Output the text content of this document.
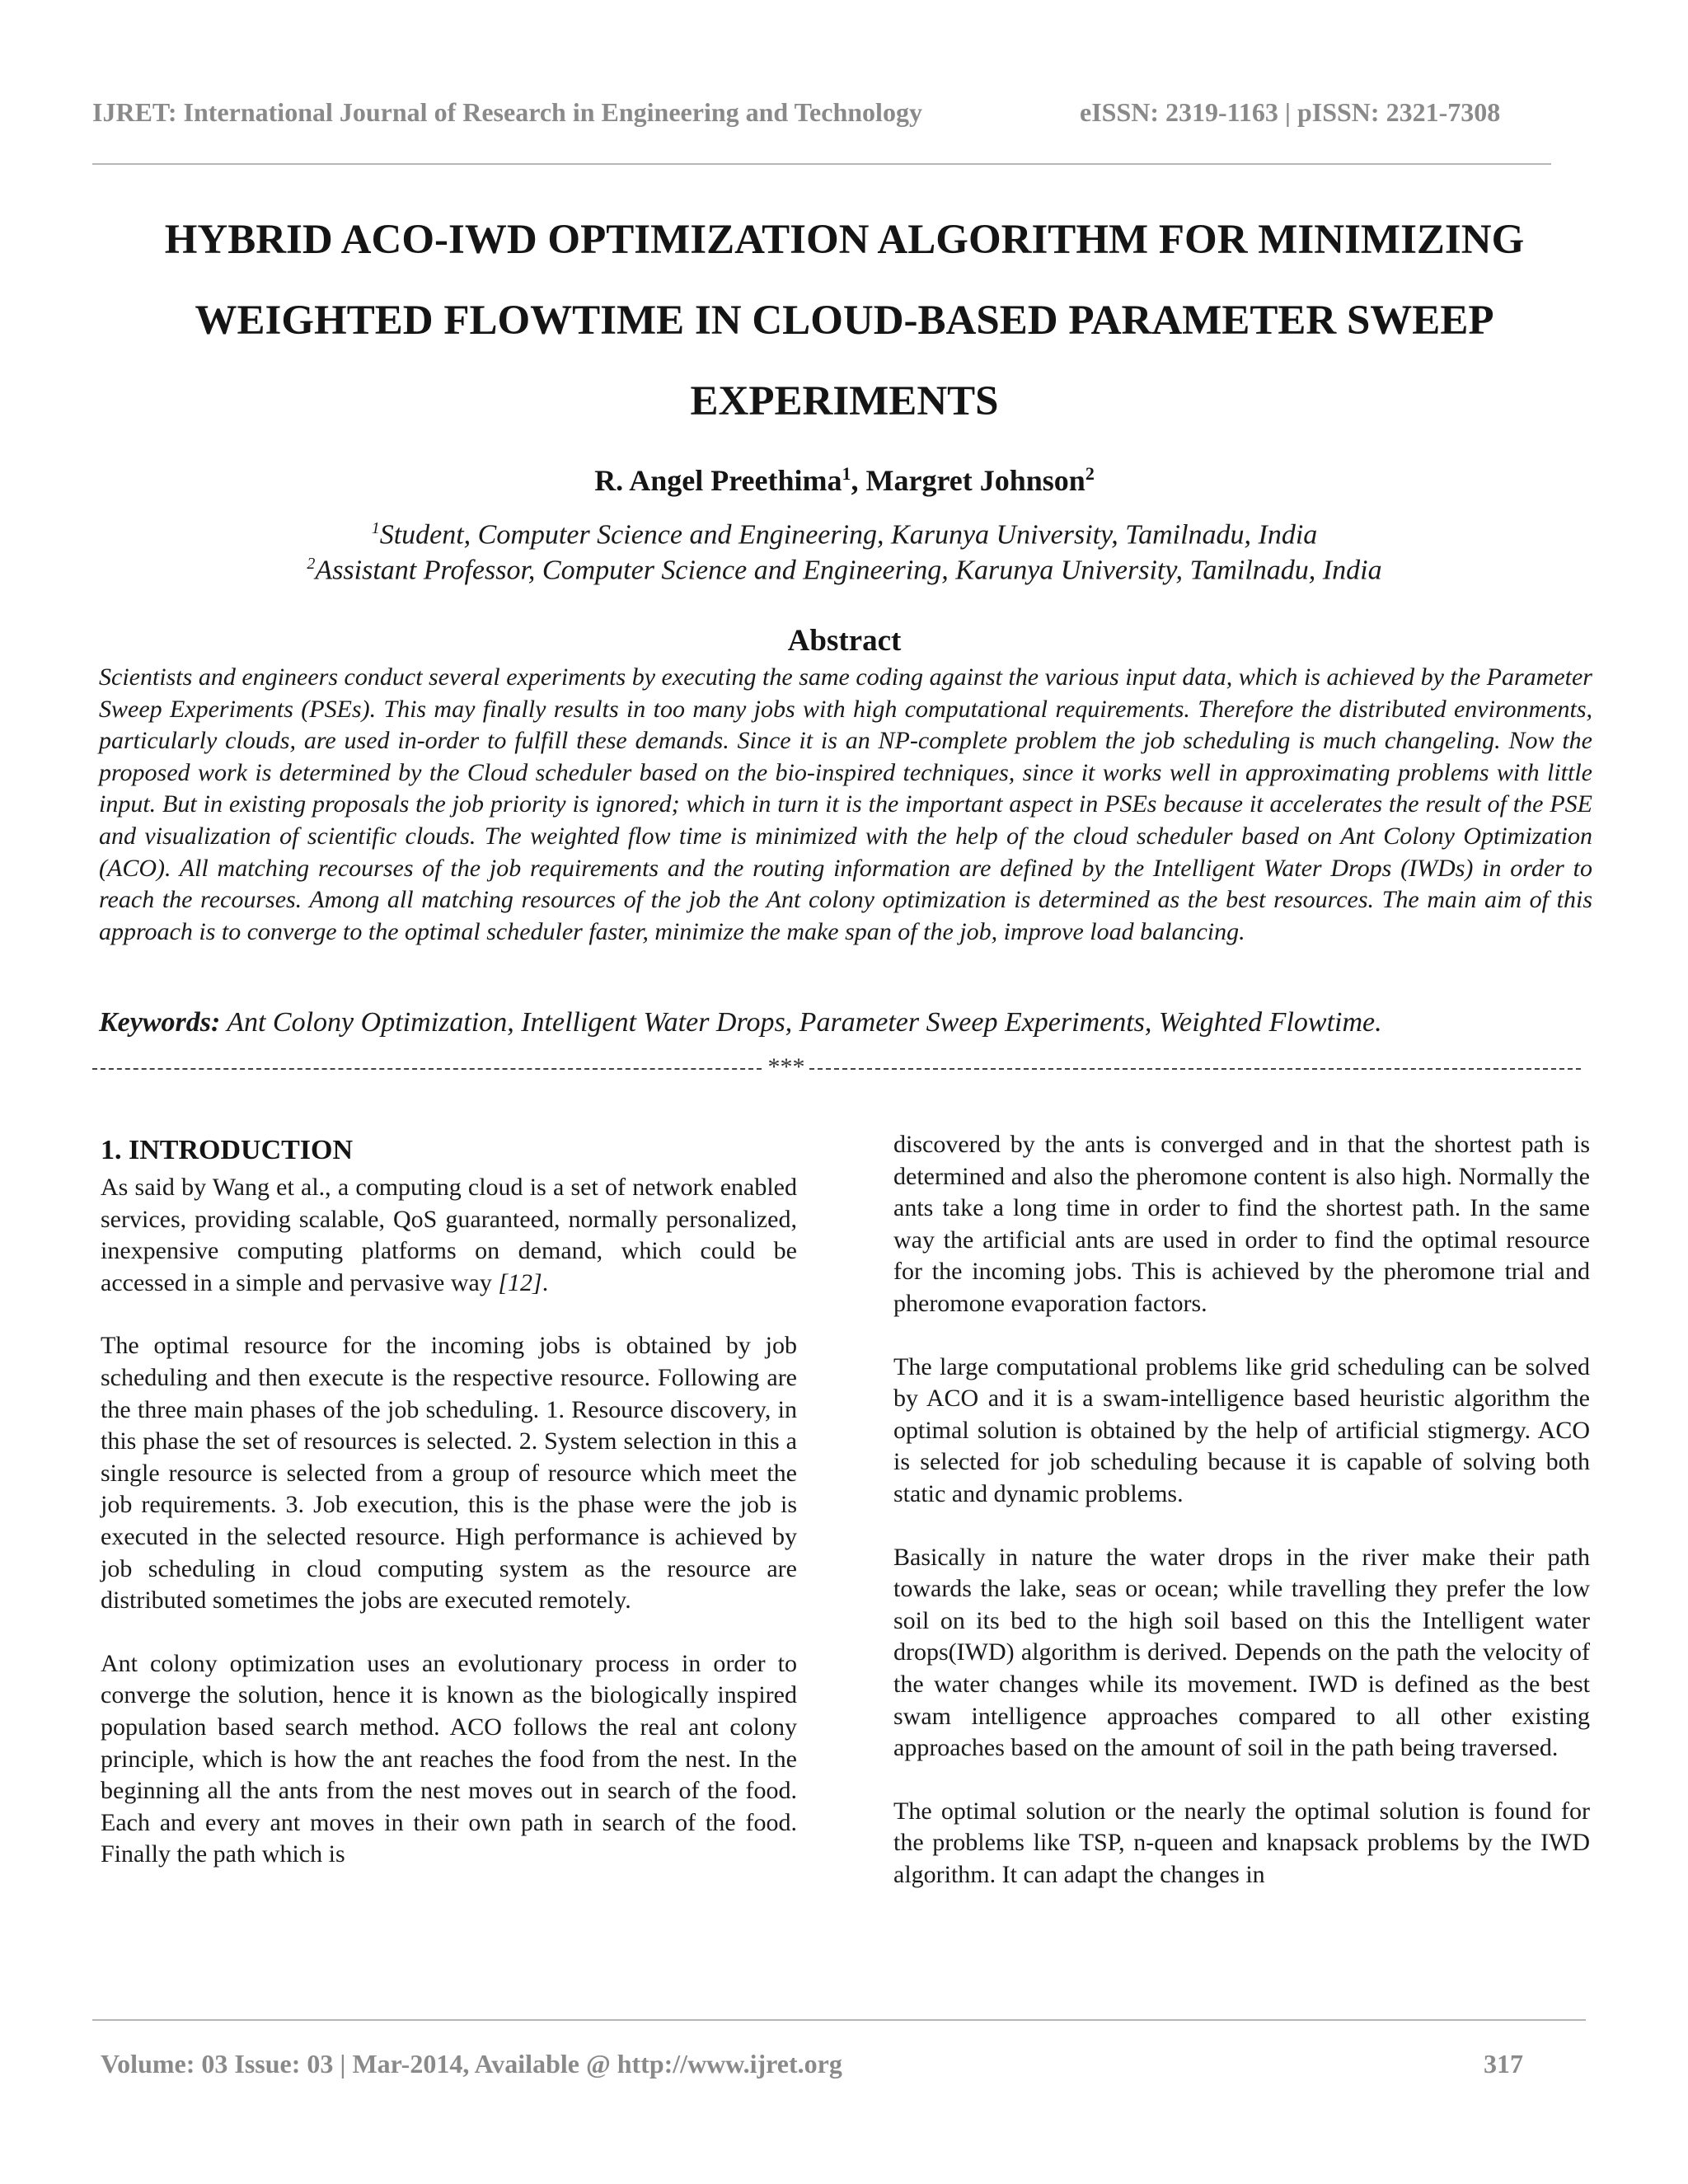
IJRET: International Journal of Research in Engineering and Technology	eISSN: 2319-1163 | pISSN: 2321-7308
HYBRID ACO-IWD OPTIMIZATION ALGORITHM FOR MINIMIZING WEIGHTED FLOWTIME IN CLOUD-BASED PARAMETER SWEEP EXPERIMENTS
R. Angel Preethima$^1$, Margret Johnson$^2$
$^1$Student, Computer Science and Engineering, Karunya University, Tamilnadu, India
$^2$Assistant Professor, Computer Science and Engineering, Karunya University, Tamilnadu, India
Abstract

Scientists and engineers conduct several experiments by executing the same coding against the various input data, which is achieved by the Parameter Sweep Experiments (PSEs). This may finally results in too many jobs with high computational requirements. Therefore the distributed environments, particularly clouds, are used in-order to fulfill these demands. Since it is an NP-complete problem the job scheduling is much changeling. Now the proposed work is determined by the Cloud scheduler based on the bio-inspired techniques, since it works well in approximating problems with little input. But in existing proposals the job priority is ignored; which in turn it is the important aspect in PSEs because it accelerates the result of the PSE and visualization of scientific clouds. The weighted flow time is minimized with the help of the cloud scheduler based on Ant Colony Optimization (ACO). All matching recourses of the job requirements and the routing information are defined by the Intelligent Water Drops (IWDs) in order to reach the recourses. Among all matching resources of the job the Ant colony optimization is determined as the best resources. The main aim of this approach is to converge to the optimal scheduler faster, minimize the make span of the job, improve load balancing.

Keywords: Ant Colony Optimization, Intelligent Water Drops, Parameter Sweep Experiments, Weighted Flowtime.
***
1. INTRODUCTION

As said by Wang et al., a computing cloud is a set of network enabled services, providing scalable, QoS guaranteed, normally personalized, inexpensive computing platforms on demand, which could be accessed in a simple and pervasive way [12].

The optimal resource for the incoming jobs is obtained by job scheduling and then execute is the respective resource. Following are the three main phases of the job scheduling. 1. Resource discovery, in this phase the set of resources is selected. 2. System selection in this a single resource is selected from a group of resource which meet the job requirements. 3. Job execution, this is the phase were the job is executed in the selected resource. High performance is achieved by job scheduling in cloud computing system as the resource are distributed sometimes the jobs are executed remotely.

Ant colony optimization uses an evolutionary process in order to converge the solution, hence it is known as the biologically inspired population based search method. ACO follows the real ant colony principle, which is how the ant reaches the food from the nest. In the beginning all the ants from the nest moves out in search of the food. Each and every ant moves in their own path in search of the food. Finally the path which is

discovered by the ants is converged and in that the shortest path is determined and also the pheromone content is also high. Normally the ants take a long time in order to find the shortest path. In the same way the artificial ants are used in order to find the optimal resource for the incoming jobs. This is achieved by the pheromone trial and pheromone evaporation factors.

The large computational problems like grid scheduling can be solved by ACO and it is a swam-intelligence based heuristic algorithm the optimal solution is obtained by the help of artificial stigmergy. ACO is selected for job scheduling because it is capable of solving both static and dynamic problems.

Basically in nature the water drops in the river make their path towards the lake, seas or ocean; while travelling they prefer the low soil on its bed to the high soil based on this the Intelligent water drops(IWD) algorithm is derived. Depends on the path the velocity of the water changes while its movement. IWD is defined as the best swam intelligence approaches compared to all other existing approaches based on the amount of soil in the path being traversed.

The optimal solution or the nearly the optimal solution is found for the problems like TSP, n-queen and knapsack problems by the IWD algorithm. It can adapt the changes in

Volume: 03 Issue: 03 | Mar-2014, Available @ http://www.ijret.org	317
